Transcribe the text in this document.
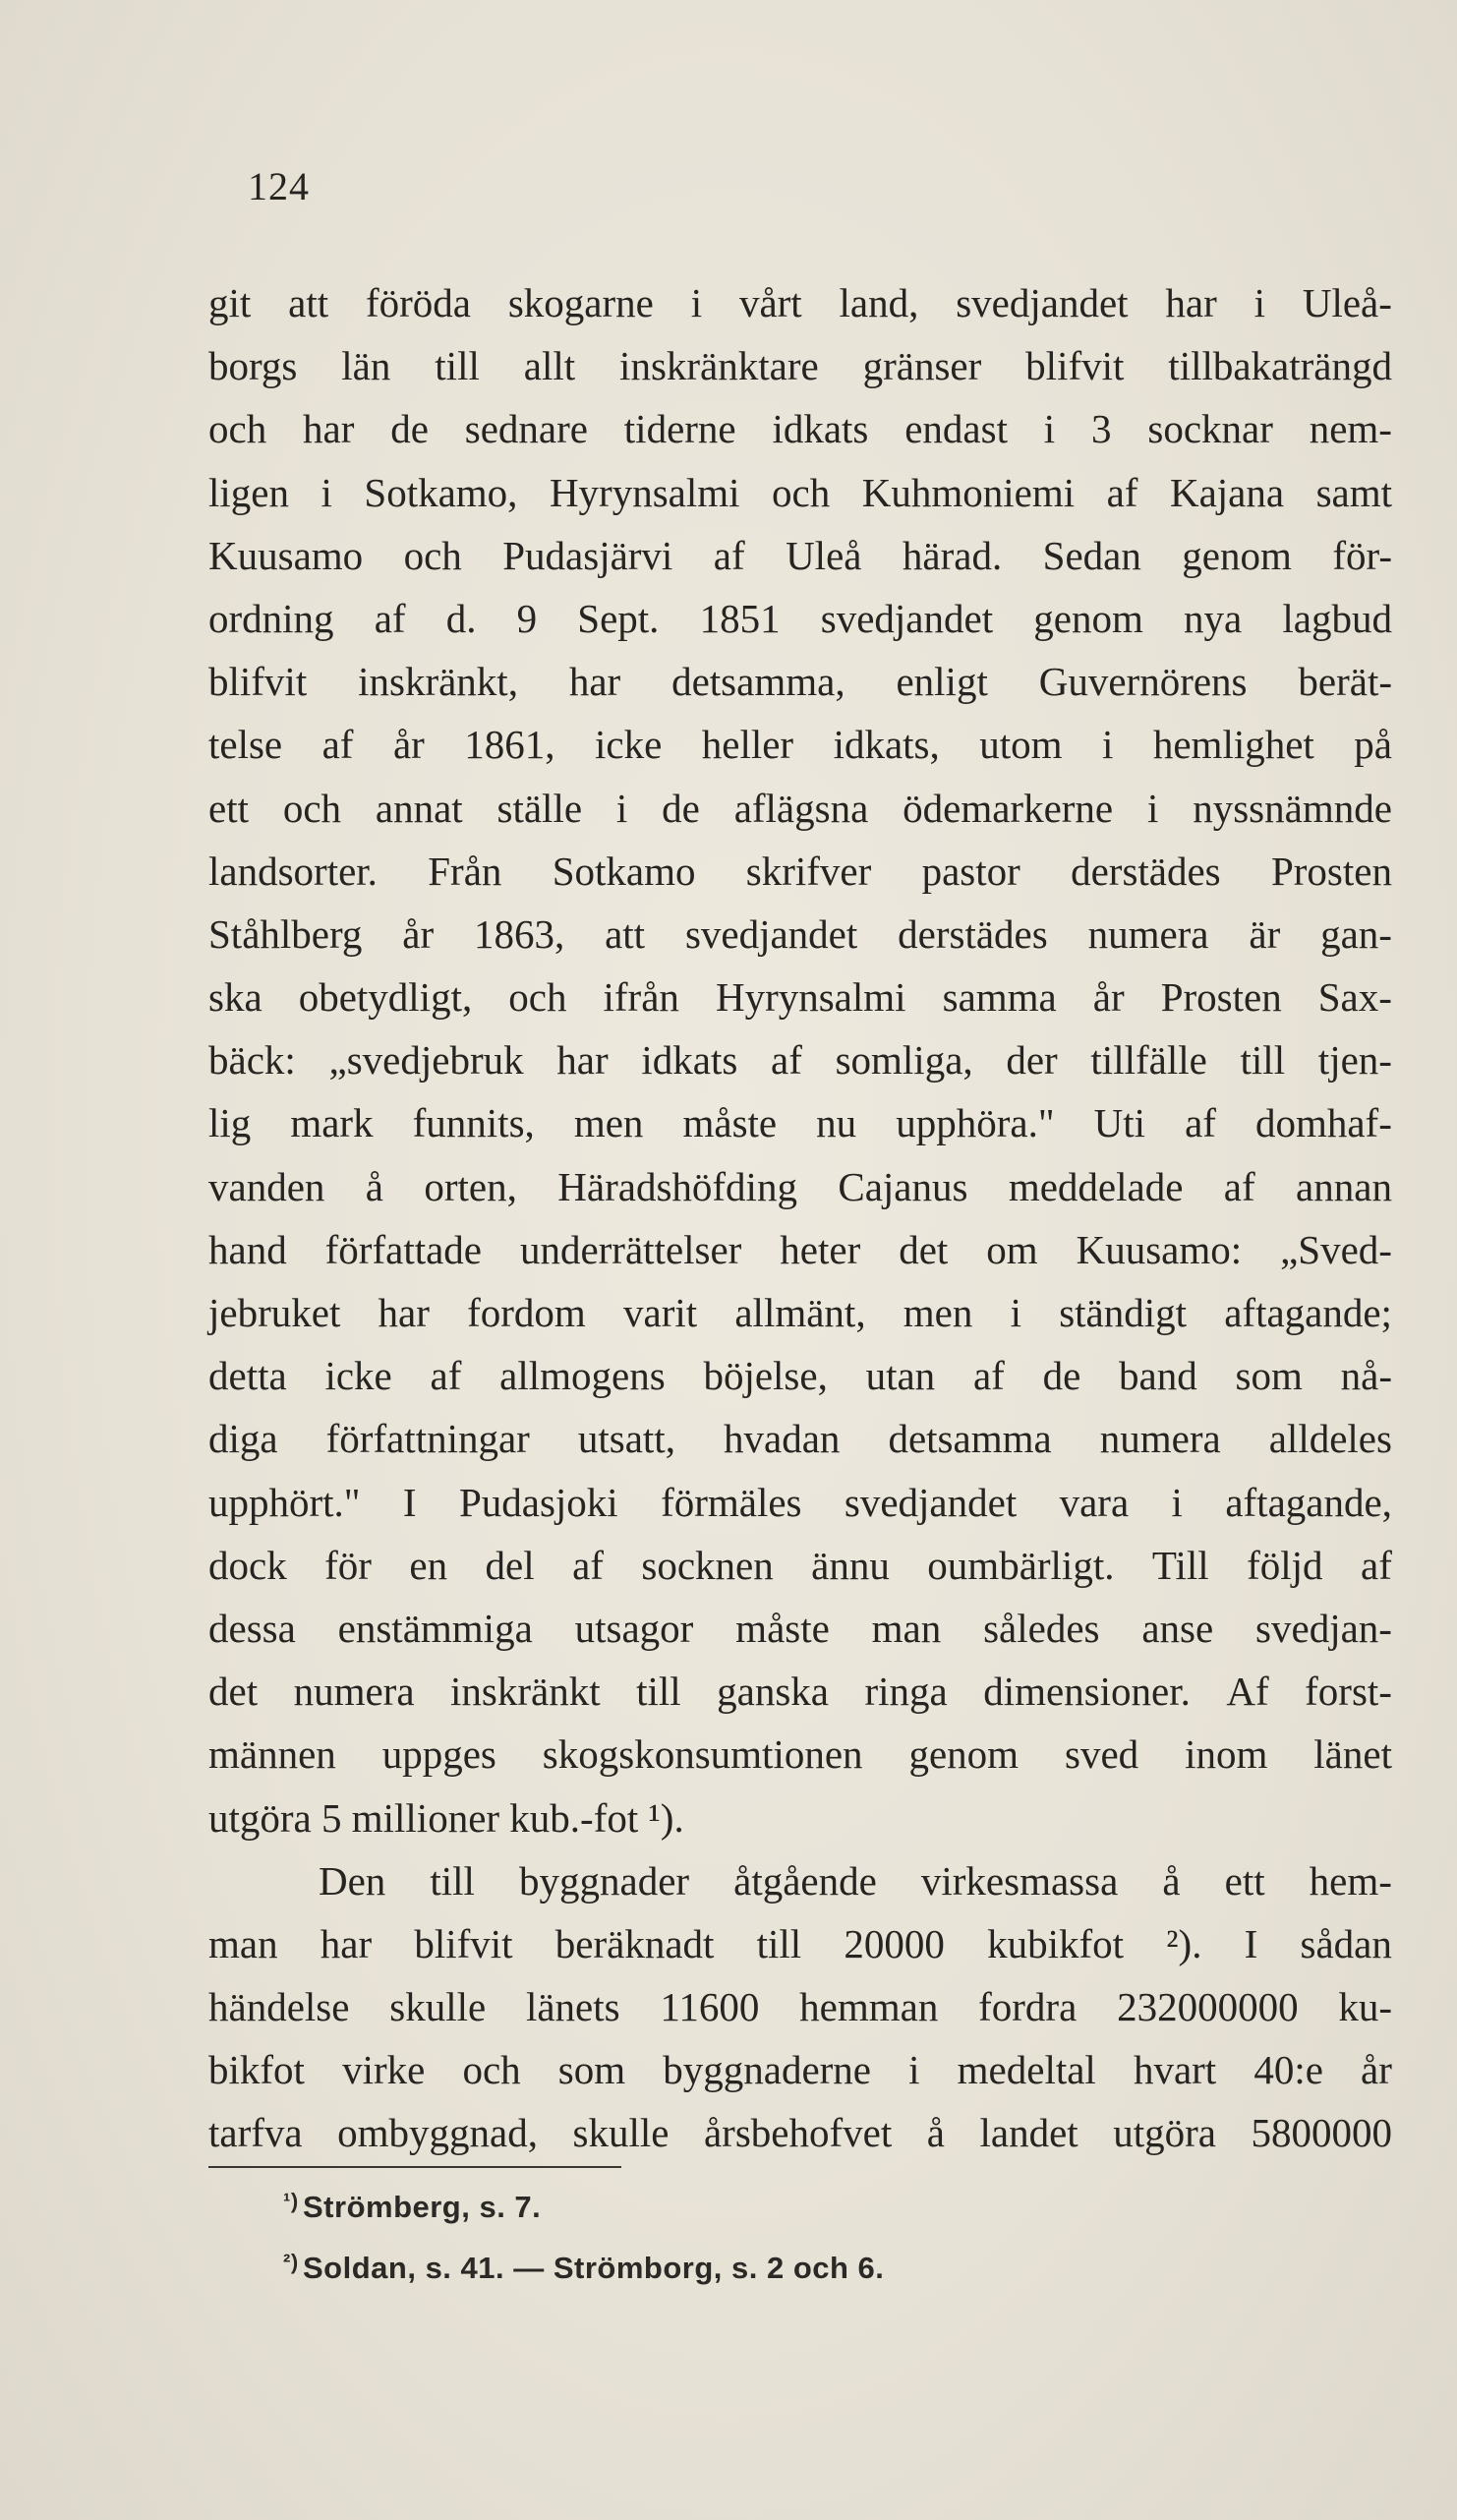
124
git att föröda skogarne i vårt land, svedjandet har i Uleå-
borgs län till allt inskränktare gränser blifvit tillbakaträngd
och har de sednare tiderne idkats endast i 3 socknar nem-
ligen i Sotkamo, Hyrynsalmi och Kuhmoniemi af Kajana samt
Kuusamo och Pudasjärvi af Uleå härad. Sedan genom för-
ordning af d. 9 Sept. 1851 svedjandet genom nya lagbud
blifvit inskränkt, har detsamma, enligt Guvernörens berät-
telse af år 1861, icke heller idkats, utom i hemlighet på
ett och annat ställe i de aflägsna ödemarkerne i nyssnämnde
landsorter. Från Sotkamo skrifver pastor derstädes Prosten
Ståhlberg år 1863, att svedjandet derstädes numera är gan-
ska obetydligt, och ifrån Hyrynsalmi samma år Prosten Sax-
bäck: „svedjebruk har idkats af somliga, der tillfälle till tjen-
lig mark funnits, men måste nu upphöra." Uti af domhaf-
vanden å orten, Häradshöfding Cajanus meddelade af annan
hand författade underrättelser heter det om Kuusamo: „Sved-
jebruket har fordom varit allmänt, men i ständigt aftagande;
detta icke af allmogens böjelse, utan af de band som nå-
diga författningar utsatt, hvadan detsamma numera alldeles
upphört." I Pudasjoki förmäles svedjandet vara i aftagande,
dock för en del af socknen ännu oumbärligt. Till följd af
dessa enstämmiga utsagor måste man således anse svedjan-
det numera inskränkt till ganska ringa dimensioner. Af forst-
männen uppges skogskonsumtionen genom sved inom länet
utgöra 5 millioner kub.-fot ¹).
Den till byggnader åtgående virkesmassa å ett hem-
man har blifvit beräknadt till 20000 kubikfot ²). I sådan
händelse skulle länets 11600 hemman fordra 232000000 ku-
bikfot virke och som byggnaderne i medeltal hvart 40:e år
tarfva ombyggnad, skulle årsbehofvet å landet utgöra 5800000
¹) Strömberg, s. 7.
²) Soldan, s. 41. — Strömborg, s. 2 och 6.
